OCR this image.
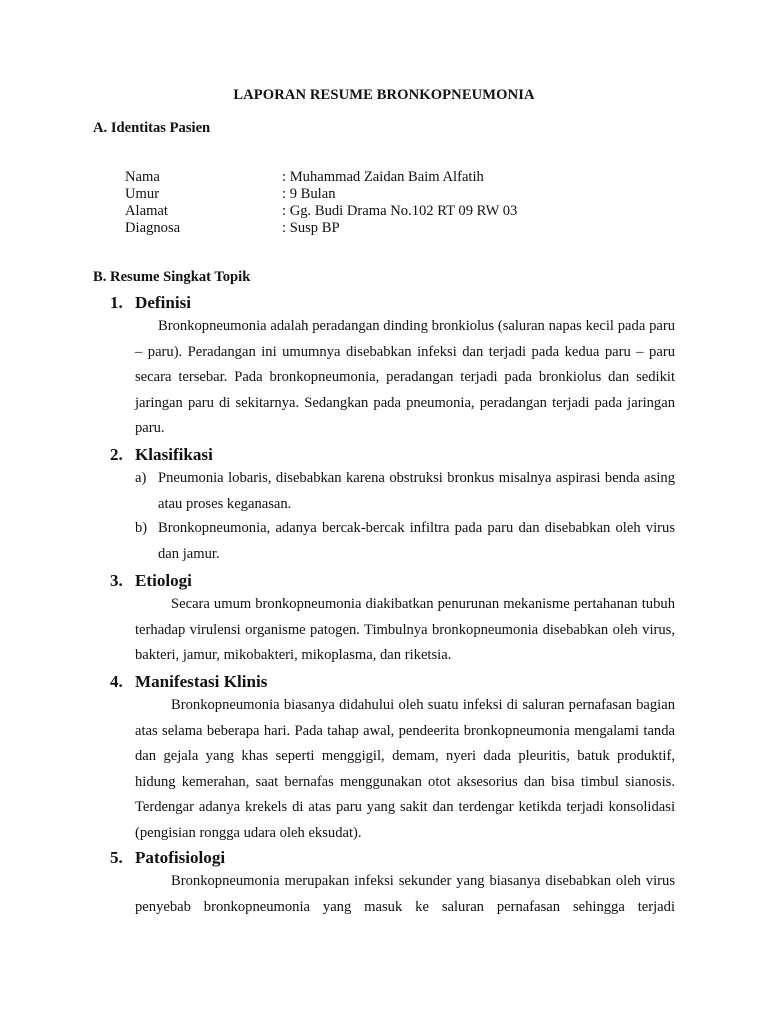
LAPORAN RESUME BRONKOPNEUMONIA
A. Identitas Pasien
Nama	: Muhammad Zaidan Baim Alfatih
Umur	: 9 Bulan
Alamat	: Gg. Budi Drama No.102 RT 09 RW 03
Diagnosa	: Susp BP
B. Resume Singkat Topik
1. Definisi

Bronkopneumonia adalah peradangan dinding bronkiolus (saluran napas kecil pada paru – paru). Peradangan ini umumnya disebabkan infeksi dan terjadi pada kedua paru – paru secara tersebar. Pada bronkopneumonia, peradangan terjadi pada bronkiolus dan sedikit jaringan paru di sekitarnya. Sedangkan pada pneumonia, peradangan terjadi pada jaringan paru.

2. Klasifikasi
a) Pneumonia lobaris, disebabkan karena obstruksi bronkus misalnya aspirasi benda asing atau proses keganasan.
b) Bronkopneumonia, adanya bercak-bercak infiltra pada paru dan disebabkan oleh virus dan jamur.
3. Etiologi

Secara umum bronkopneumonia diakibatkan penurunan mekanisme pertahanan tubuh terhadap virulensi organisme patogen. Timbulnya bronkopneumonia disebabkan oleh virus, bakteri, jamur, mikobakteri, mikoplasma, dan riketsia.

4. Manifestasi Klinis

Bronkopneumonia biasanya didahului oleh suatu infeksi di saluran pernafasan bagian atas selama beberapa hari. Pada tahap awal, pendeerita bronkopneumonia mengalami tanda dan gejala yang khas seperti menggigil, demam, nyeri dada pleuritis, batuk produktif, hidung kemerahan, saat bernafas menggunakan otot aksesorius dan bisa timbul sianosis. Terdengar adanya krekels di atas paru yang sakit dan terdengar ketikda terjadi konsolidasi (pengisian rongga udara oleh eksudat).

5. Patofisiologi

Bronkopneumonia merupakan infeksi sekunder yang biasanya disebabkan oleh virus penyebab bronkopneumonia yang masuk ke saluran pernafasan sehingga terjadi
